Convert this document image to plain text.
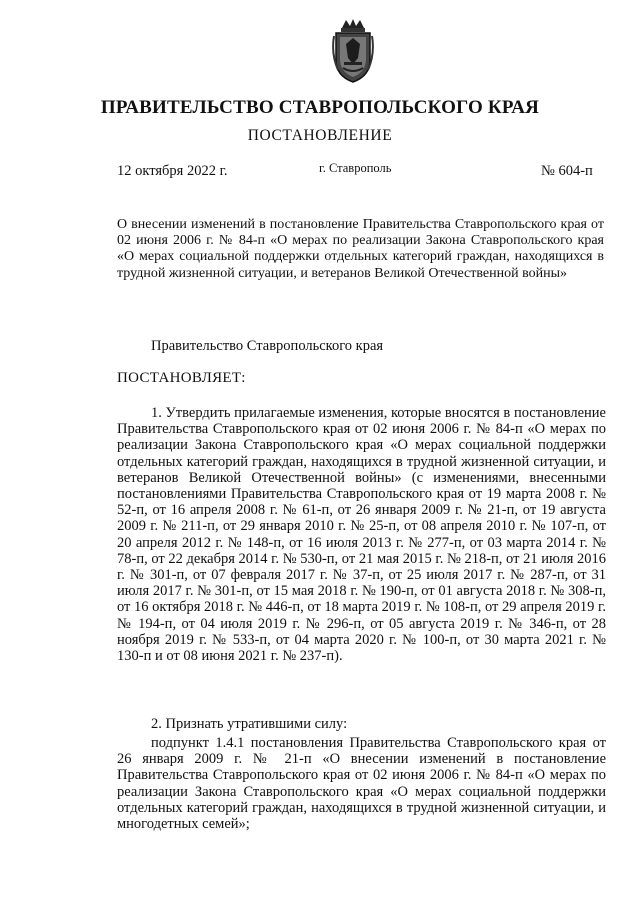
ПРАВИТЕЛЬСТВО СТАВРОПОЛЬСКОГО КРАЯ
ПОСТАНОВЛЕНИЕ
12 октября 2022 г.	г. Ставрополь	№ 604-п
О внесении изменений в постановление Правительства Ставропольского края от 02 июня 2006 г. № 84-п «О мерах по реализации Закона Ставропольского края «О мерах социальной поддержки отдельных категорий граждан, находящихся в трудной жизненной ситуации, и ветеранов Великой Отечественной войны»
Правительство Ставропольского края
ПОСТАНОВЛЯЕТ:

1. Утвердить прилагаемые изменения, которые вносятся в постановление Правительства Ставропольского края от 02 июня 2006 г. № 84-п «О мерах по реализации Закона Ставропольского края «О мерах социальной поддержки отдельных категорий граждан, находящихся в трудной жизненной ситуации, и ветеранов Великой Отечественной войны» (с изменениями, внесенными постановлениями Правительства Ставропольского края от 19 марта 2008 г. № 52-п, от 16 апреля 2008 г. № 61-п, от 26 января 2009 г. № 21-п, от 19 августа 2009 г. № 211-п, от 29 января 2010 г. № 25-п, от 08 апреля 2010 г. № 107-п, от 20 апреля 2012 г. № 148-п, от 16 июля 2013 г. № 277-п, от 03 марта 2014 г. № 78-п, от 22 декабря 2014 г. № 530-п, от 21 мая 2015 г. № 218-п, от 21 июля 2016 г. № 301-п, от 07 февраля 2017 г. № 37-п, от 25 июля 2017 г. № 287-п, от 31 июля 2017 г. № 301-п, от 15 мая 2018 г. № 190-п, от 01 августа 2018 г. № 308-п, от 16 октября 2018 г. № 446-п, от 18 марта 2019 г. № 108-п, от 29 апреля 2019 г. № 194-п, от 04 июля 2019 г. № 296-п, от 05 августа 2019 г. № 346-п, от 28 ноября 2019 г. № 533-п, от 04 марта 2020 г. № 100-п, от 30 марта 2021 г. № 130-п и от 08 июня 2021 г. № 237-п).

2. Признать утратившими силу:

подпункт 1.4.1 постановления Правительства Ставропольского края от 26 января 2009 г. № 21-п «О внесении изменений в постановление Правительства Ставропольского края от 02 июня 2006 г. № 84-п «О мерах по реализации Закона Ставропольского края «О мерах социальной поддержки отдельных категорий граждан, находящихся в трудной жизненной ситуации, и многодетных семей»;
